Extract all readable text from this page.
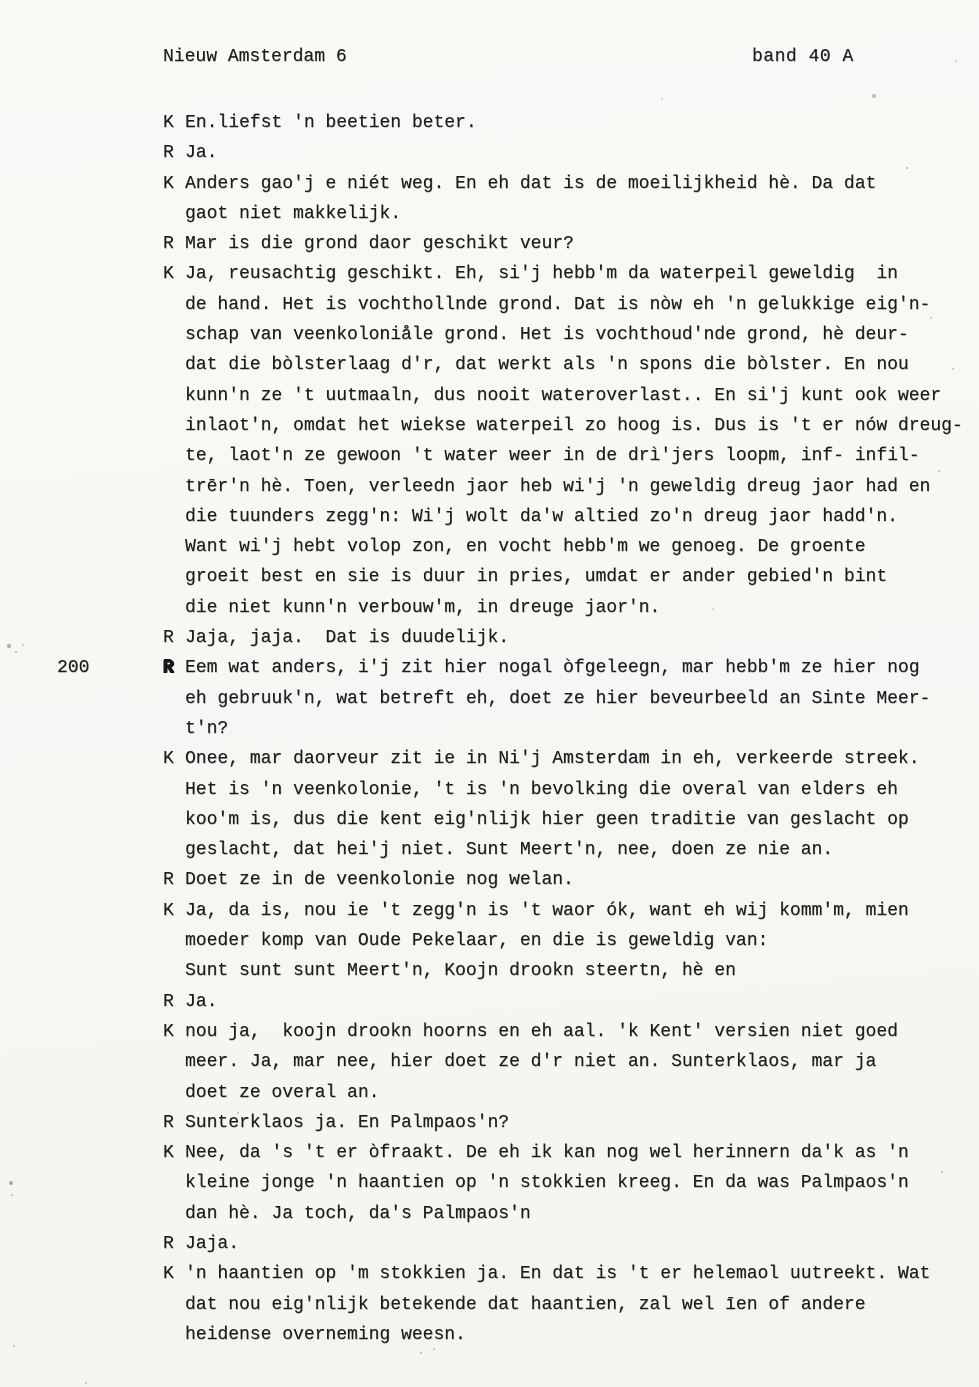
Nieuw Amsterdam 6	band 40 A
K En.liefst 'n beetien beter.
R Ja.
K Anders gao'j e niét weg. En eh dat is de moeilijkheid hè. Da dat
gaot niet makkelijk.
R Mar is die grond daor geschikt veur?
K Ja, reusachtig geschikt. Eh, si'j hebb'm da waterpeil geweldig  in
de hand. Het is vochthollnde grond. Dat is nòw eh 'n gelukkige eig'n-
schap van veenkoloniåle grond. Het is vochthoud'nde grond, hè deur-
dat die bòlsterlaag d'r, dat werkt als 'n spons die bòlster. En nou
kunn'n ze 't uutmaaln, dus nooit wateroverlast.. En si'j kunt ook weer
inlaot'n, omdat het wiekse waterpeil zo hoog is. Dus is 't er nów dreug-
te, laot'n ze gewoon 't water weer in de drì'jers loopm, inf- infil-
trēr'n hè. Toen, verleedn jaor heb wi'j 'n geweldig dreug jaor had en
die tuunders zegg'n: Wi'j wolt da'w altied zo'n dreug jaor hadd'n.
Want wi'j hebt volop zon, en vocht hebb'm we genoeg. De groente
groeit best en sie is duur in pries, umdat er ander gebied'n bint
die niet kunn'n verbouw'm, in dreuge jaor'n.
R Jaja, jaja.  Dat is duudelijk.
200	R Eem wat anders, i'j zit hier nogal òfgeleegn, mar hebb'm ze hier nog
eh gebruuk'n, wat betreft eh, doet ze hier beveurbeeld an Sinte Meer-
t'n?
K Onee, mar daorveur zit ie in Ni'j Amsterdam in eh, verkeerde streek.
Het is 'n veenkolonie, 't is 'n bevolking die overal van elders eh
koo'm is, dus die kent eig'nlijk hier geen traditie van geslacht op
geslacht, dat hei'j niet. Sunt Meert'n, nee, doen ze nie an.
R Doet ze in de veenkolonie nog welan.
K Ja, da is, nou ie 't zegg'n is 't waor ók, want eh wij komm'm, mien
moeder komp van Oude Pekelaar, en die is geweldig van:
Sunt sunt sunt Meert'n, Koojn drookn steertn, hè en
R Ja.
K nou ja,  koojn drookn hoorns en eh aal. 'k Kent' versien niet goed
meer. Ja, mar nee, hier doet ze d'r niet an. Sunterklaos, mar ja
doet ze overal an.
R Sunterklaos ja. En Palmpaos'n?
K Nee, da 's 't er òfraakt. De eh ik kan nog wel herinnern da'k as 'n
kleine jonge 'n haantien op 'n stokkien kreeg. En da was Palmpaos'n
dan hè. Ja toch, da's Palmpaos'n
R Jaja.
K 'n haantien op 'm stokkien ja. En dat is 't er helemaol uutreekt. Wat
dat nou eig'nlijk betekende dat haantien, zal wel īen of andere
heidense overneming weesn.
